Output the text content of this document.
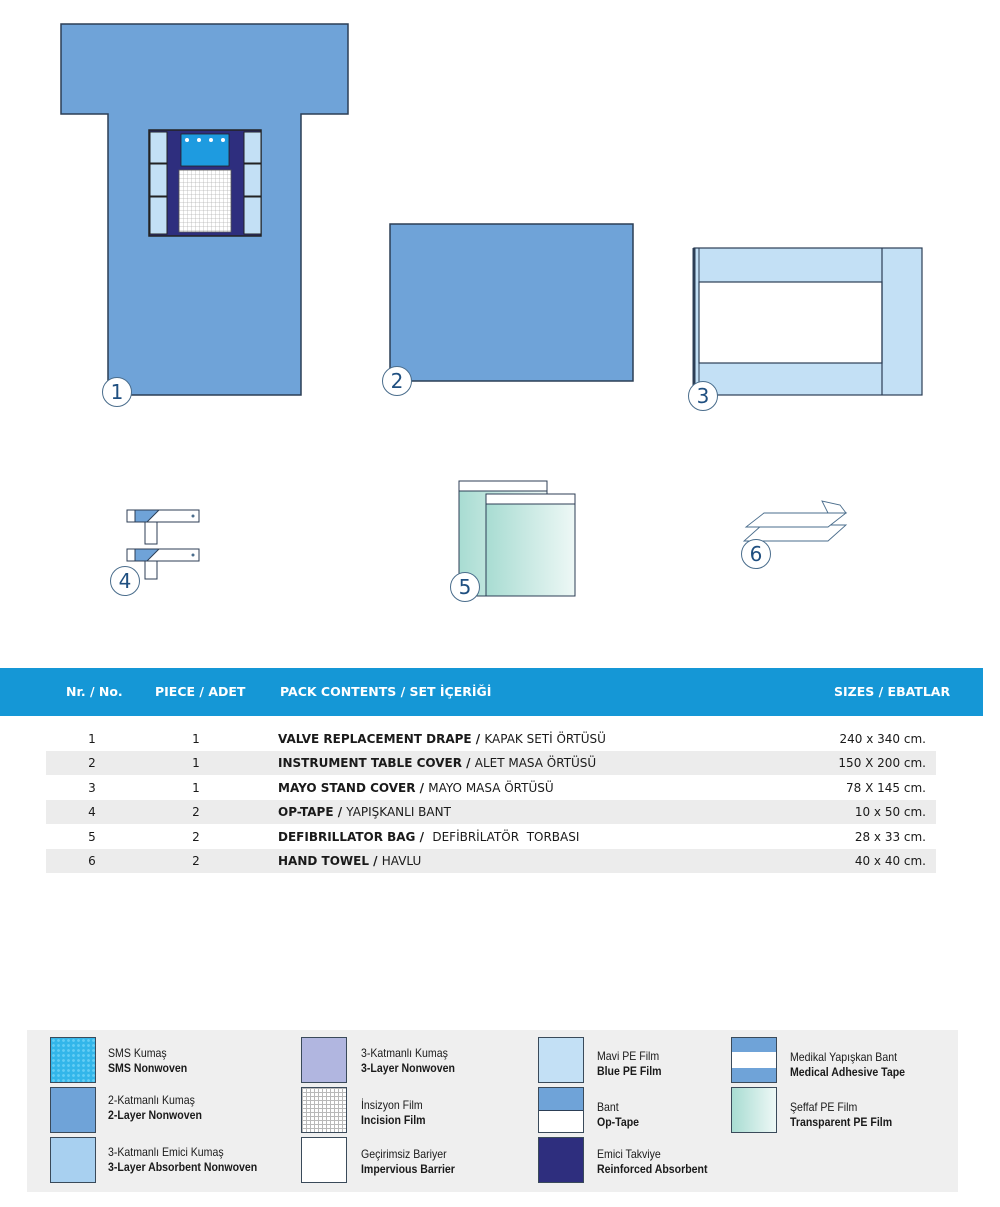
1	2
3
4	5
6
Nr. / No.	PIECE / ADET	PACK CONTENTS / SET İÇERİĞİ	SIZES / EBATLAR
1	1	VALVE REPLACEMENT DRAPE / KAPAK SETİ ÖRTÜSÜ	240 x 340 cm.
2	1	INSTRUMENT TABLE COVER / ALET MASA ÖRTÜSÜ	150 X 200 cm.
3	1	MAYO STAND COVER / MAYO MASA ÖRTÜSÜ	78 X 145 cm.
4	2	OP-TAPE / YAPIŞKANLI BANT	10 x 50 cm.
5	2	DEFIBRILLATOR BAG /  DEFİBRİLATÖR  TORBASI	28 x 33 cm.
6	2	HAND TOWEL / HAVLU	40 x 40 cm.
SMS Kumaş
SMS Nonwoven
2-Katmanlı Kumaş
2-Layer Nonwoven
3-Katmanlı Emici Kumaş
3-Layer Absorbent Nonwoven
3-Katmanlı Kumaş
3-Layer Nonwoven
İnsizyon Film
Incision Film
Geçirimsiz Bariyer
Impervious Barrier
Mavi PE Film
Blue PE Film
Bant
Op-Tape
Emici Takviye
Reinforced Absorbent
Medikal Yapışkan Bant
Medical Adhesive Tape
Şeffaf PE Film
Transparent PE Film
